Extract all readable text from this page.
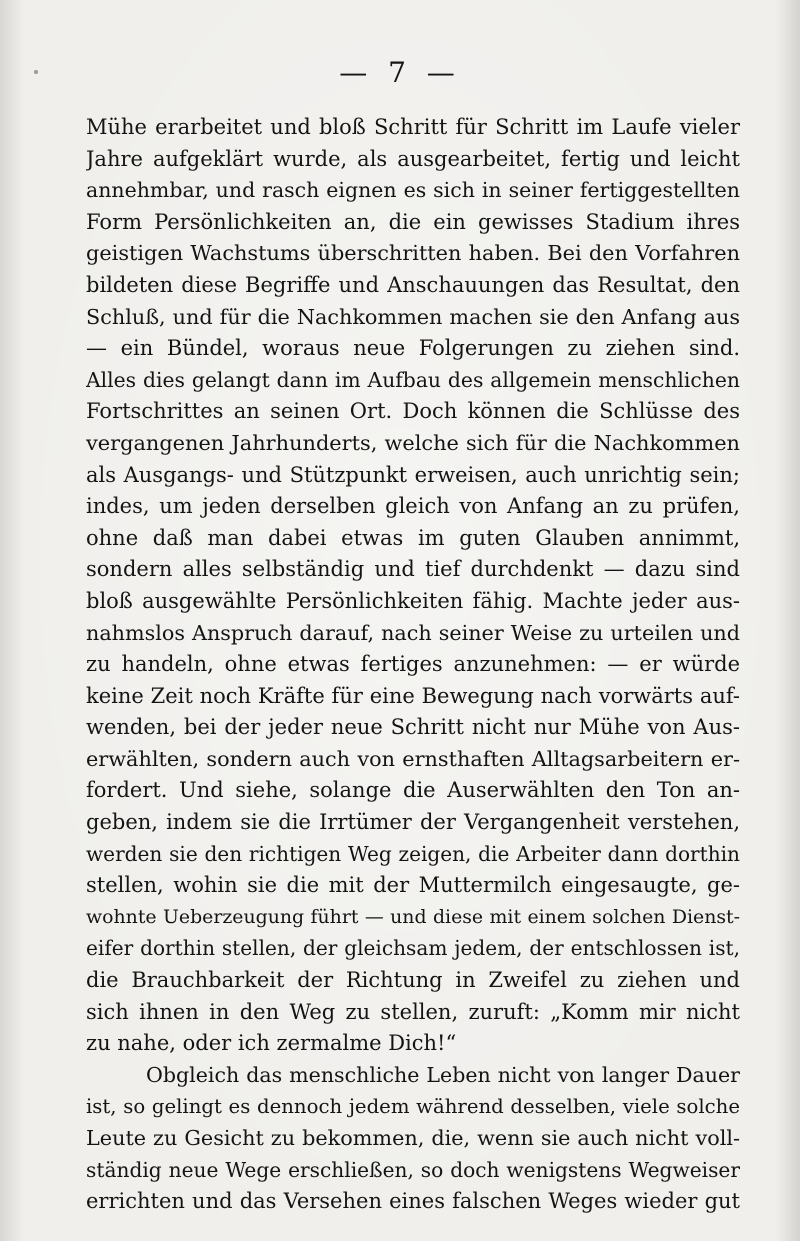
— 7 —
Mühe erarbeitet und bloß Schritt für Schritt im Laufe vieler
Jahre aufgeklärt wurde, als ausgearbeitet, fertig und leicht
annehmbar, und rasch eignen es sich in seiner fertiggestellten
Form Persönlichkeiten an, die ein gewisses Stadium ihres
geistigen Wachstums überschritten haben. Bei den Vorfahren
bildeten diese Begriffe und Anschauungen das Resultat, den
Schluß, und für die Nachkommen machen sie den Anfang aus
— ein Bündel, woraus neue Folgerungen zu ziehen sind.
Alles dies gelangt dann im Aufbau des allgemein menschlichen
Fortschrittes an seinen Ort. Doch können die Schlüsse des
vergangenen Jahrhunderts, welche sich für die Nachkommen
als Ausgangs- und Stützpunkt erweisen, auch unrichtig sein;
indes, um jeden derselben gleich von Anfang an zu prüfen,
ohne daß man dabei etwas im guten Glauben annimmt,
sondern alles selbständig und tief durchdenkt — dazu sind
bloß ausgewählte Persönlichkeiten fähig. Machte jeder aus-
nahmslos Anspruch darauf, nach seiner Weise zu urteilen und
zu handeln, ohne etwas fertiges anzunehmen: — er würde
keine Zeit noch Kräfte für eine Bewegung nach vorwärts auf-
wenden, bei der jeder neue Schritt nicht nur Mühe von Aus-
erwählten, sondern auch von ernsthaften Alltagsarbeitern er-
fordert. Und siehe, solange die Auserwählten den Ton an-
geben, indem sie die Irrtümer der Vergangenheit verstehen,
werden sie den richtigen Weg zeigen, die Arbeiter dann dorthin
stellen, wohin sie die mit der Muttermilch eingesaugte, ge-
wohnte Ueberzeugung führt — und diese mit einem solchen Dienst-
eifer dorthin stellen, der gleichsam jedem, der entschlossen ist,
die Brauchbarkeit der Richtung in Zweifel zu ziehen und
sich ihnen in den Weg zu stellen, zuruft: „Komm mir nicht
zu nahe, oder ich zermalme Dich!“
Obgleich das menschliche Leben nicht von langer Dauer
ist, so gelingt es dennoch jedem während desselben, viele solche
Leute zu Gesicht zu bekommen, die, wenn sie auch nicht voll-
ständig neue Wege erschließen, so doch wenigstens Wegweiser
errichten und das Versehen eines falschen Weges wieder gut
